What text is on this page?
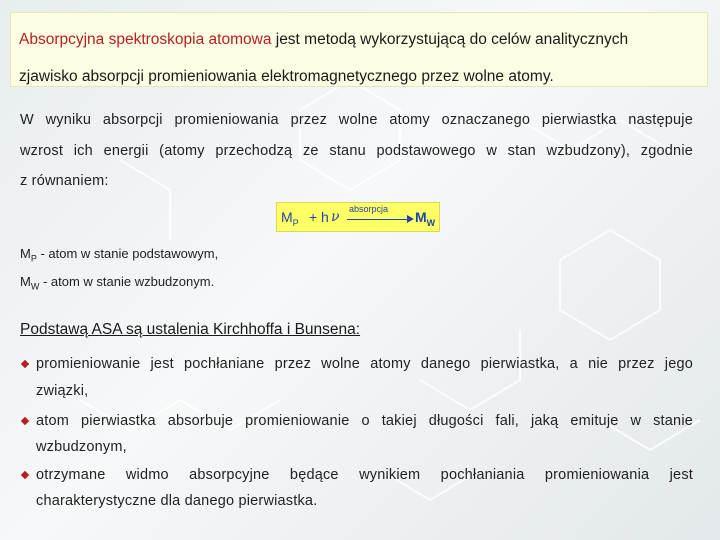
Absorpcyjna spektroskopia atomowa jest metodą wykorzystującą do celów analitycznych

zjawisko absorpcji promieniowania elektromagnetycznego przez wolne atomy.

W wyniku absorpcji promieniowania przez wolne atomy oznaczanego pierwiastka następuje
wzrost ich energii (atomy przechodzą ze stanu podstawowego w stan wzbudzony), zgodnie
z równaniem:
$M_P + h$ ν absorpcja $M_W$
$M_P$ - atom w stanie podstawowym,
$M_W$ - atom w stanie wzbudzonym.
Podstawą ASA są ustalenia Kirchhoffa i Bunsena:
promieniowanie jest pochłaniane przez wolne atomy danego pierwiastka, a nie przez jego
związki,
atom pierwiastka absorbuje promieniowanie o takiej długości fali, jaką emituje w stanie
wzbudzonym,
otrzymane widmo absorpcyjne będące wynikiem pochłaniania promieniowania jest
charakterystyczne dla danego pierwiastka.
